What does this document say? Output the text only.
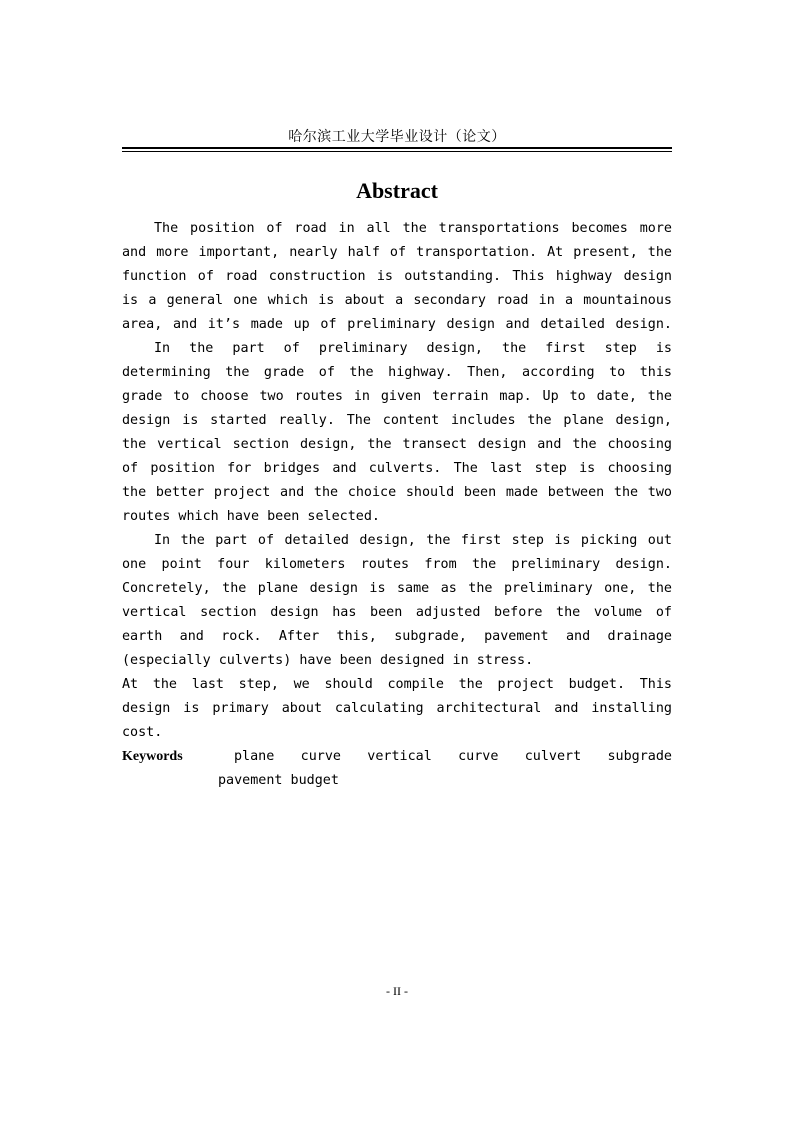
哈尔滨工业大学毕业设计（论文）
Abstract
The position of road in all the transportations becomes more
and more important, nearly half of transportation. At present, the
function of road construction is outstanding. This highway design
is a general one which is about a secondary road in a mountainous
area, and it’s made up of preliminary design and detailed design.
In the part of preliminary design, the first step is
determining the grade of the highway. Then, according to this
grade to choose two routes in given terrain map. Up to date, the
design is started really. The content includes the plane design,
the vertical section design, the transect design and the choosing
of position for bridges and culverts. The last step is choosing
the better project and the choice should been made between the two
routes which have been selected.
In the part of detailed design, the first step is picking out
one point four kilometers routes from the preliminary design.
Concretely, the plane design is same as the preliminary one, the
vertical section design has been adjusted before the volume of
earth and rock. After this, subgrade, pavement and drainage
(especially culverts) have been designed in stress.
At the last step, we should compile the project budget. This
design is primary about calculating architectural and installing
cost.
Keywords	plane curve vertical curve culvert subgrade
pavement budget
- II -
